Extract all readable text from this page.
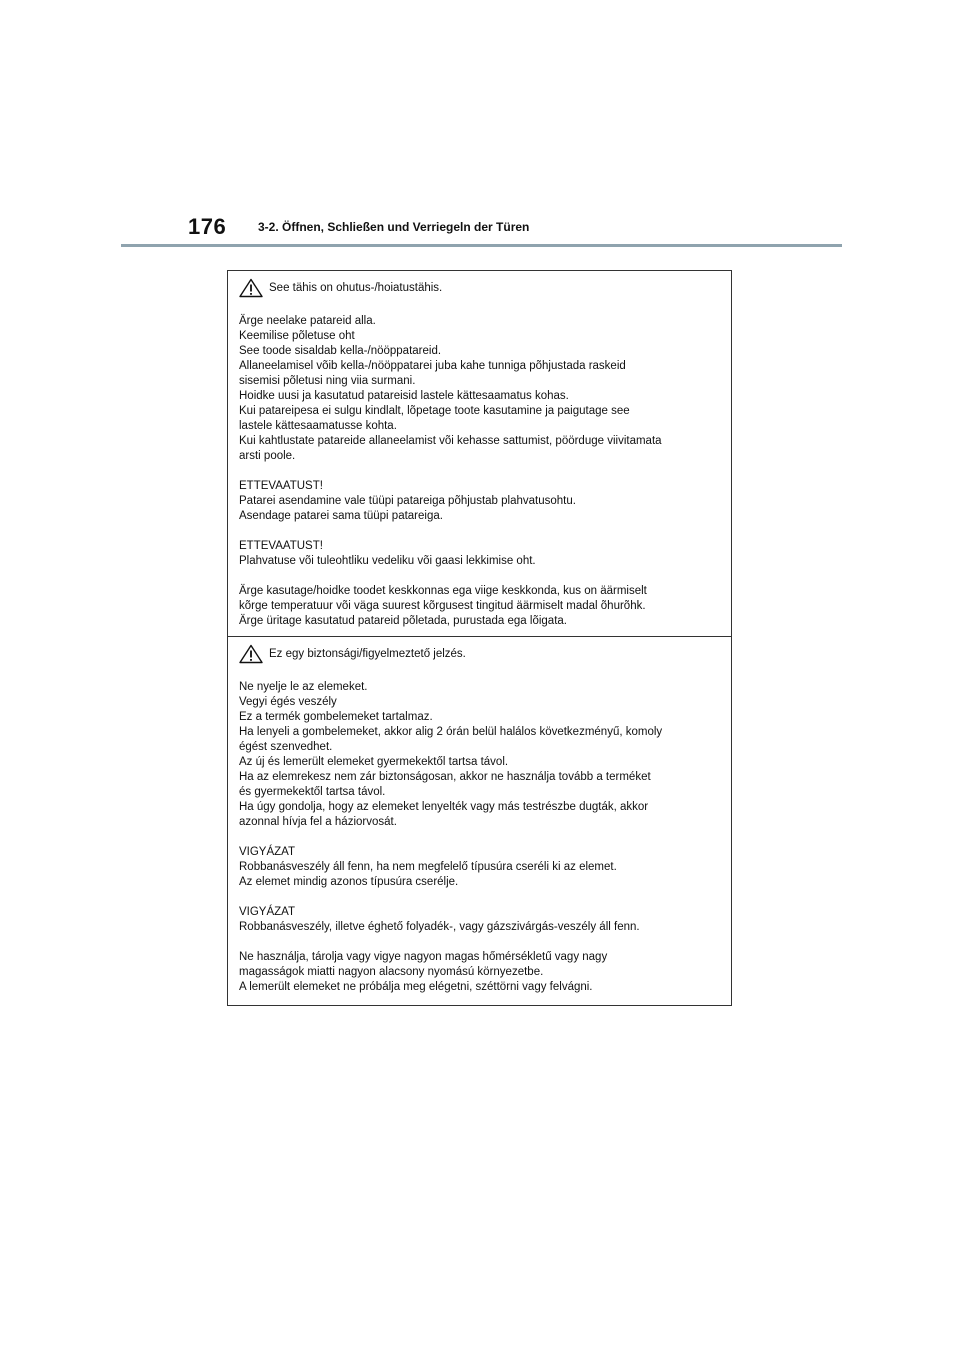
176	3-2. Öffnen, Schließen und Verriegeln der Türen
See tähis on ohutus-/hoiatustähis.
Ärge neelake patareid alla.
Keemilise põletuse oht
See toode sisaldab kella-/nööppatareid.
Allaneelamisel võib kella-/nööppatarei juba kahe tunniga põhjustada raskeid
sisemisi põletusi ning viia surmani.
Hoidke uusi ja kasutatud patareisid lastele kättesaamatus kohas.
Kui patareipesa ei sulgu kindlalt, lõpetage toote kasutamine ja paigutage see
lastele kättesaamatusse kohta.
Kui kahtlustate patareide allaneelamist või kehasse sattumist, pöörduge viivitamata
arsti poole.
ETTEVAATUST!
Patarei asendamine vale tüüpi patareiga põhjustab plahvatusohtu.
Asendage patarei sama tüüpi patareiga.
ETTEVAATUST!
Plahvatuse või tuleohtliku vedeliku või gaasi lekkimise oht.
Ärge kasutage/hoidke toodet keskkonnas ega viige keskkonda, kus on äärmiselt
kõrge temperatuur või väga suurest kõrgusest tingitud äärmiselt madal õhurõhk.
Ärge üritage kasutatud patareid põletada, purustada ega lõigata.
Ez egy biztonsági/figyelmeztető jelzés.
Ne nyelje le az elemeket.
Vegyi égés veszély
Ez a termék gombelemeket tartalmaz.
Ha lenyeli a gombelemeket, akkor alig 2 órán belül halálos következményű, komoly
égést szenvedhet.
Az új és lemerült elemeket gyermekektől tartsa távol.
Ha az elemrekesz nem zár biztonságosan, akkor ne használja tovább a terméket
és gyermekektől tartsa távol.
Ha úgy gondolja, hogy az elemeket lenyelték vagy más testrészbe dugták, akkor
azonnal hívja fel a háziorvosát.
VIGYÁZAT
Robbanásveszély áll fenn, ha nem megfelelő típusúra cseréli ki az elemet.
Az elemet mindig azonos típusúra cserélje.
VIGYÁZAT
Robbanásveszély, illetve éghető folyadék-, vagy gázszivárgás-veszély áll fenn.
Ne használja, tárolja vagy vigye nagyon magas hőmérsékletű vagy nagy
magasságok miatti nagyon alacsony nyomású környezetbe.
A lemerült elemeket ne próbálja meg elégetni, széttörni vagy felvágni.
